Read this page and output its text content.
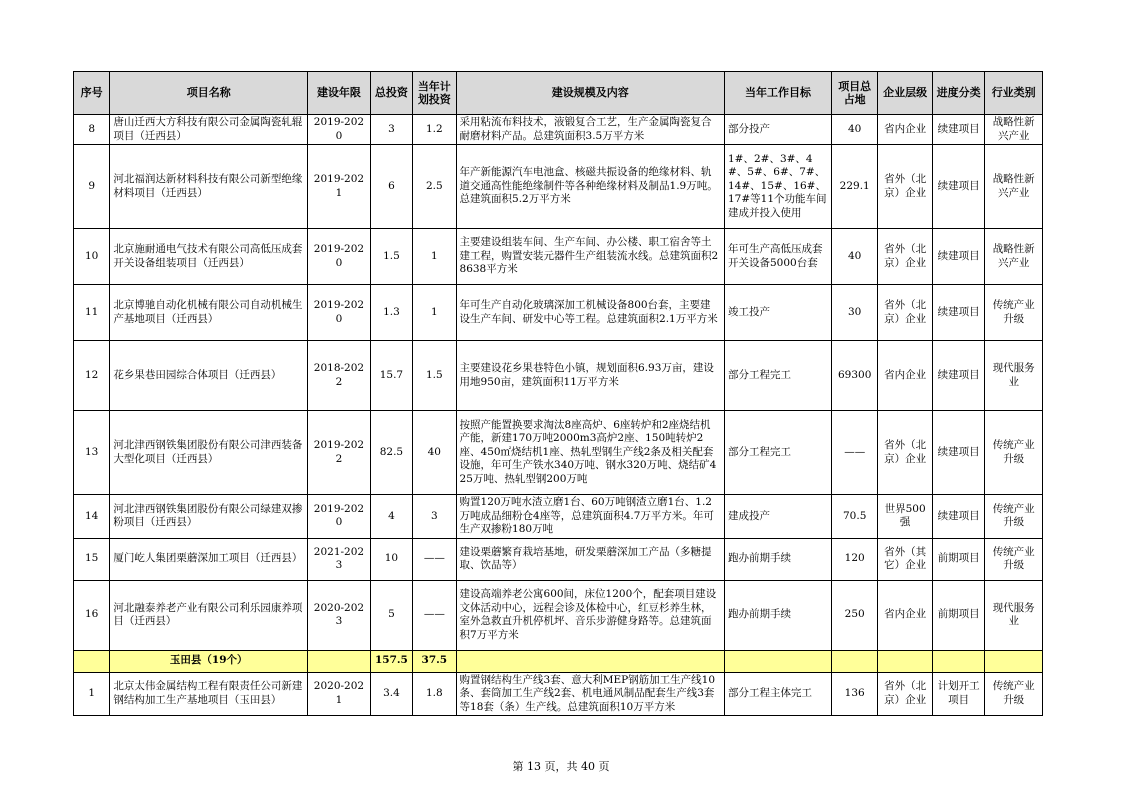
序号	项目名称	建设年限	总投资	当年计划投资	建设规模及内容	当年工作目标	项目总占地	企业层级	进度分类	行业类别
8	唐山迁西大方科技有限公司金属陶瓷轧辊项目（迁西县）	2019-2020	3	1.2	采用粘流布料技术，液锻复合工艺，生产金属陶瓷复合耐磨材料产品。总建筑面积3.5万平方米	部分投产	40	省内企业	续建项目	战略性新兴产业
9	河北福润达新材料科技有限公司新型绝缘材料项目（迁西县）	2019-2021	6	2.5	年产新能源汽车电池盒、核磁共振设备的绝缘材料、轨道交通高性能绝缘制件等各种绝缘材料及制品1.9万吨。总建筑面积5.2万平方米	1#、2#、3#、4#、5#、6#、7#、14#、15#、16#、17#等11个功能车间建成并投入使用	229.1	省外（北京）企业	续建项目	战略性新兴产业
10	北京施耐通电气技术有限公司高低压成套开关设备组装项目（迁西县）	2019-2020	1.5	1	主要建设组装车间、生产车间、办公楼、职工宿舍等土建工程，购置安装元器件生产组装流水线。总建筑面积28638平方米	年可生产高低压成套开关设备5000台套	40	省外（北京）企业	续建项目	战略性新兴产业
11	北京博驰自动化机械有限公司自动机械生产基地项目（迁西县）	2019-2020	1.3	1	年可生产自动化玻璃深加工机械设备800台套，主要建设生产车间、研发中心等工程。总建筑面积2.1万平方米	竣工投产	30	省外（北京）企业	续建项目	传统产业升级
12	花乡果巷田园综合体项目（迁西县）	2018-2022	15.7	1.5	主要建设花乡果巷特色小镇，规划面积6.93万亩，建设用地950亩，建筑面积11万平方米	部分工程完工	69300	省内企业	续建项目	现代服务业
13	河北津西钢铁集团股份有限公司津西装备大型化项目（迁西县）	2019-2022	82.5	40	按照产能置换要求淘汰8座高炉、6座转炉和2座烧结机产能，新建170万吨2000m3高炉2座、150吨转炉2座、450㎡烧结机1座、热轧型钢生产线2条及相关配套设施，年可生产铁水340万吨、钢水320万吨、烧结矿425万吨、热轧型钢200万吨	部分工程完工	——	省外（北京）企业	续建项目	传统产业升级
14	河北津西钢铁集团股份有限公司绿建双掺粉项目（迁西县）	2019-2020	4	3	购置120万吨水渣立磨1台、60万吨钢渣立磨1台、1.2万吨成品细粉仓4座等，总建筑面积4.7万平方米。年可生产双掺粉180万吨	建成投产	70.5	世界500强	续建项目	传统产业升级
15	厦门屹人集团栗蘑深加工项目（迁西县）	2021-2023	10	——	建设栗蘑繁育栽培基地，研发栗蘑深加工产品（多糖提取、饮品等）	跑办前期手续	120	省外（其它）企业	前期项目	传统产业升级
16	河北融泰养老产业有限公司利乐园康养项目（迁西县）	2020-2023	5	——	建设高端养老公寓600间，床位1200个，配套项目建设文体活动中心，远程会诊及体检中心，红豆杉养生林，室外急救直升机停机坪、音乐步游健身路等。总建筑面积7万平方米	跑办前期手续	250	省内企业	前期项目	现代服务业
	玉田县（19个）		157.5	37.5						
1	北京太伟金属结构工程有限责任公司新建钢结构加工生产基地项目（玉田县）	2020-2021	3.4	1.8	购置钢结构生产线3套、意大利MEP钢筋加工生产线10条、套筒加工生产线2套、机电通风制品配套生产线3套等18套（条）生产线。总建筑面积10万平方米	部分工程主体完工	136	省外（北京）企业	计划开工项目	传统产业升级
第 13 页，共 40 页
